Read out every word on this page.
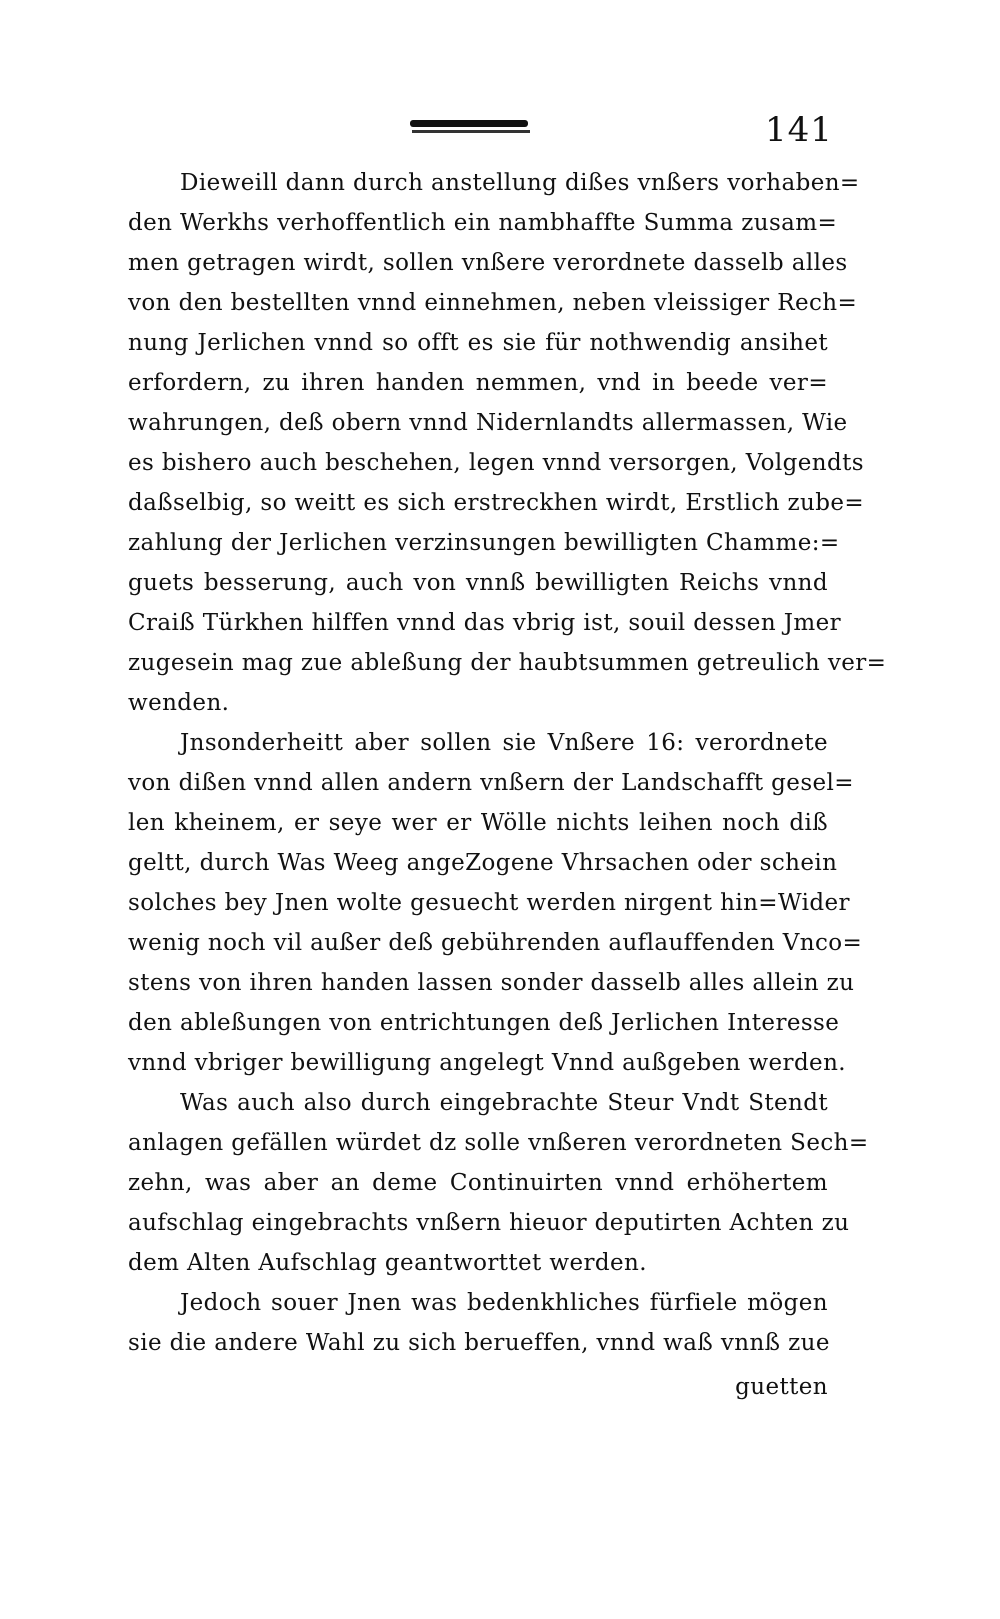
141
Dieweill dann durch anstellung dißes vnßers vorhaben=
den Werkhs verhoffentlich ein nambhaffte Summa zusam=
men getragen wirdt, sollen vnßere verordnete dasselb alles
von den bestellten vnnd einnehmen, neben vleissiger Rech=
nung Jerlichen vnnd so offt es sie für nothwendig ansihet
erfordern, zu ihren handen nemmen, vnd in beede ver=
wahrungen, deß obern vnnd Nidernlandts allermassen, Wie
es bishero auch beschehen, legen vnnd versorgen, Volgendts
daßselbig, so weitt es sich erstreckhen wirdt, Erstlich zube=
zahlung der Jerlichen verzinsungen bewilligten Chamme:=
guets besserung, auch von vnnß bewilligten Reichs vnnd
Craiß Türkhen hilffen vnnd das vbrig ist, souil dessen Jmer
zugesein mag zue ableßung der haubtsummen getreulich ver=
wenden.
Jnsonderheitt aber sollen sie Vnßere 16: verordnete
von dißen vnnd allen andern vnßern der Landschafft gesel=
len kheinem, er seye wer er Wölle nichts leihen noch diß
geltt, durch Was Weeg angeZogene Vhrsachen oder schein
solches bey Jnen wolte gesuecht werden nirgent hin=Wider
wenig noch vil außer deß gebührenden auflauffenden Vnco=
stens von ihren handen lassen sonder dasselb alles allein zu
den ableßungen von entrichtungen deß Jerlichen Interesse
vnnd vbriger bewilligung angelegt Vnnd außgeben werden.
Was auch also durch eingebrachte Steur Vndt Stendt
anlagen gefällen würdet dz solle vnßeren verordneten Sech=
zehn, was aber an deme Continuirten vnnd erhöhertem
aufschlag eingebrachts vnßern hieuor deputirten Achten zu
dem Alten Aufschlag geantworttet werden.
Jedoch souer Jnen was bedenkhliches fürfiele mögen
sie die andere Wahl zu sich berueffen, vnnd waß vnnß zue
guetten
